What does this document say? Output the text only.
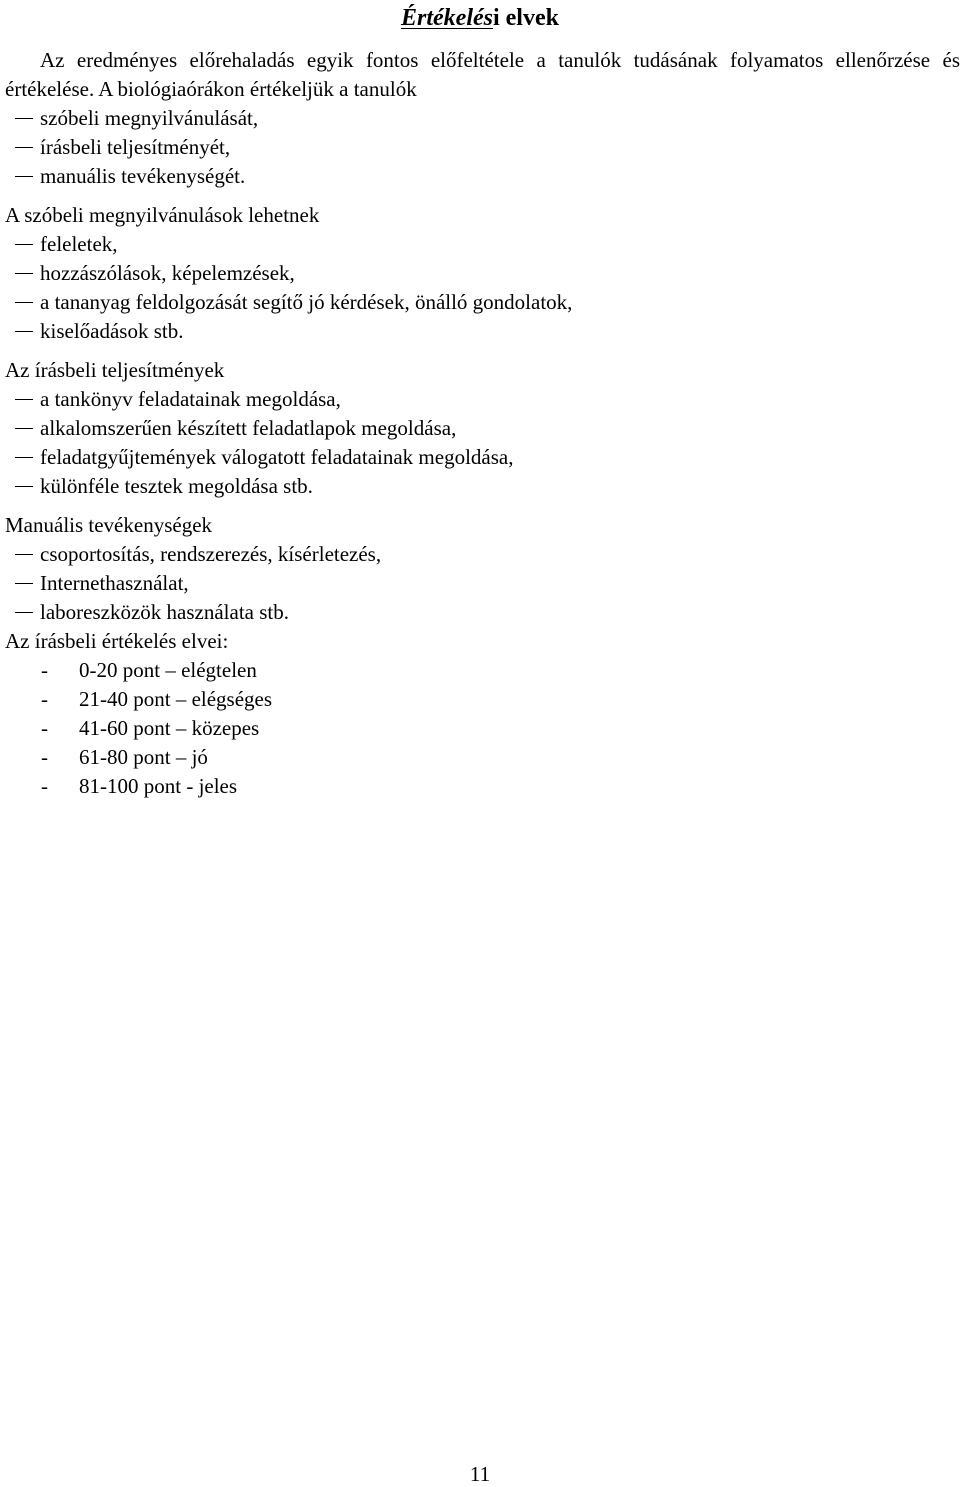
Értékelési elvek

Az eredményes előrehaladás egyik fontos előfeltétele a tanulók tudásának folyamatos ellenőrzése és értékelése. A biológiaórákon értékeljük a tanulók

szóbeli megnyilvánulását,
írásbeli teljesítményét,
manuális tevékenységét.

A szóbeli megnyilvánulások lehetnek

feleletek,
hozzászólások, képelemzések,
a tananyag feldolgozását segítő jó kérdések, önálló gondolatok,
kiselőadások stb.

Az írásbeli teljesítmények

a tankönyv feladatainak megoldása,
alkalomszerűen készített feladatlapok megoldása,
feladatgyűjtemények válogatott feladatainak megoldása,
különféle tesztek megoldása stb.

Manuális tevékenységek

csoportosítás, rendszerezés, kísérletezés,
Internethasználat,
laboreszközök használata stb.

Az írásbeli értékelés elvei:

-	0-20 pont – elégtelen
-	21-40 pont – elégséges
-	41-60 pont – közepes
-	61-80 pont – jó
-	81-100 pont - jeles
11
